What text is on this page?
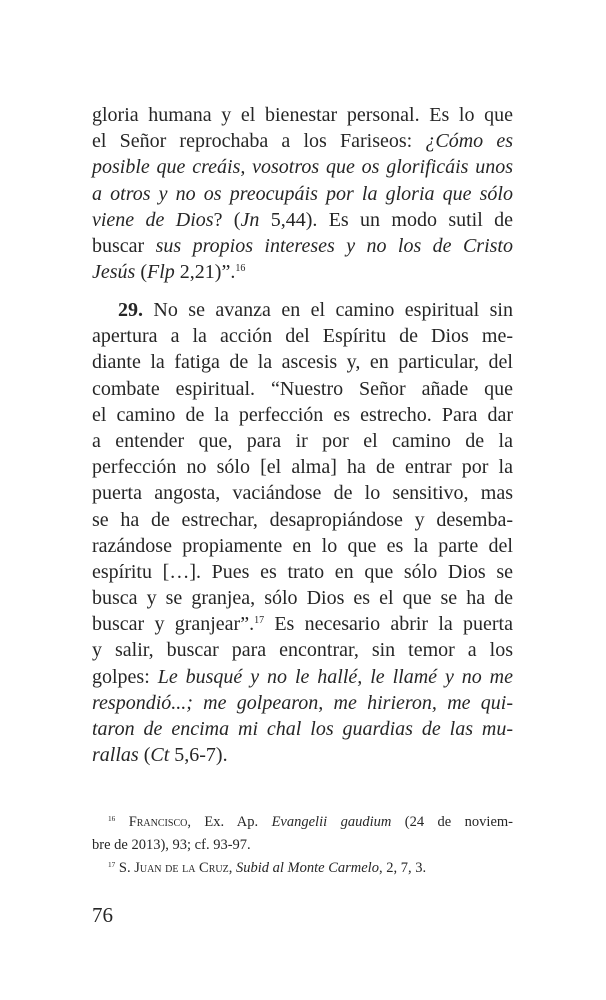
gloria humana y el bienestar personal. Es lo que
el Señor reprochaba a los Fariseos: ¿Cómo es
posible que creáis, vosotros que os glorificáis unos
a otros y no os preocupáis por la gloria que sólo
viene de Dios? (Jn 5,44). Es un modo sutil de
buscar sus propios intereses y no los de Cristo
Jesús (Flp 2,21)”.$^{16}$
29. No se avanza en el camino espiritual sin
apertura a la acción del Espíritu de Dios me-
diante la fatiga de la ascesis y, en particular, del
combate espiritual. “Nuestro Señor añade que
el camino de la perfección es estrecho. Para dar
a entender que, para ir por el camino de la
perfección no sólo [el alma] ha de entrar por la
puerta angosta, vaciándose de lo sensitivo, mas
se ha de estrechar, desapropiándose y desemba-
razándose propiamente en lo que es la parte del
espíritu […]. Pues es trato en que sólo Dios se
busca y se granjea, sólo Dios es el que se ha de
buscar y granjear”.$^{17}$ Es necesario abrir la puerta
y salir, buscar para encontrar, sin temor a los
golpes: Le busqué y no le hallé, le llamé y no me
respondió...; me golpearon, me hirieron, me qui-
taron de encima mi chal los guardias de las mu-
rallas (Ct 5,6-7).
$^{16}$ Francisco, Ex. Ap. Evangelii gaudium (24 de noviem-
bre de 2013), 93; cf. 93-97.
$^{17}$ S. Juan de la Cruz, Subid al Monte Carmelo, 2, 7, 3.
76
